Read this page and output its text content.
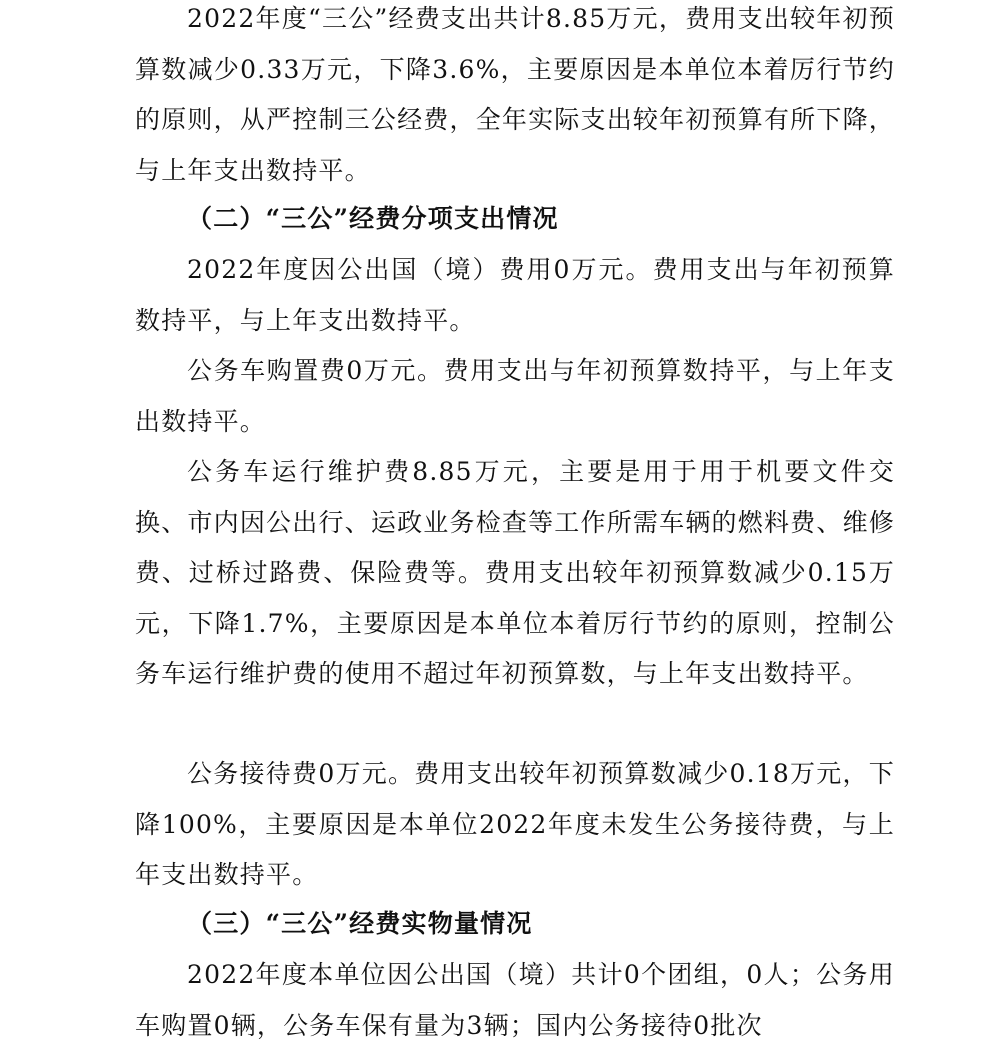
2022年度“三公”经费支出共计8.85万元，费用支出较年初预算数减少0.33万元，下降3.6%，主要原因是本单位本着厉行节约的原则，从严控制三公经费，全年实际支出较年初预算有所下降，与上年支出数持平。

（二）“三公”经费分项支出情况

2022年度因公出国（境）费用0万元。费用支出与年初预算数持平，与上年支出数持平。

公务车购置费0万元。费用支出与年初预算数持平，与上年支出数持平。

公务车运行维护费8.85万元，主要是用于用于机要文件交换、市内因公出行、运政业务检查等工作所需车辆的燃料费、维修费、过桥过路费、保险费等。费用支出较年初预算数减少0.15万元，下降1.7%，主要原因是本单位本着厉行节约的原则，控制公务车运行维护费的使用不超过年初预算数，与上年支出数持平。

公务接待费0万元。费用支出较年初预算数减少0.18万元，下降100%，主要原因是本单位2022年度未发生公务接待费，与上年支出数持平。

（三）“三公”经费实物量情况

2022年度本单位因公出国（境）共计0个团组，0人；公务用车购置0辆，公务车保有量为3辆；国内公务接待0批次
